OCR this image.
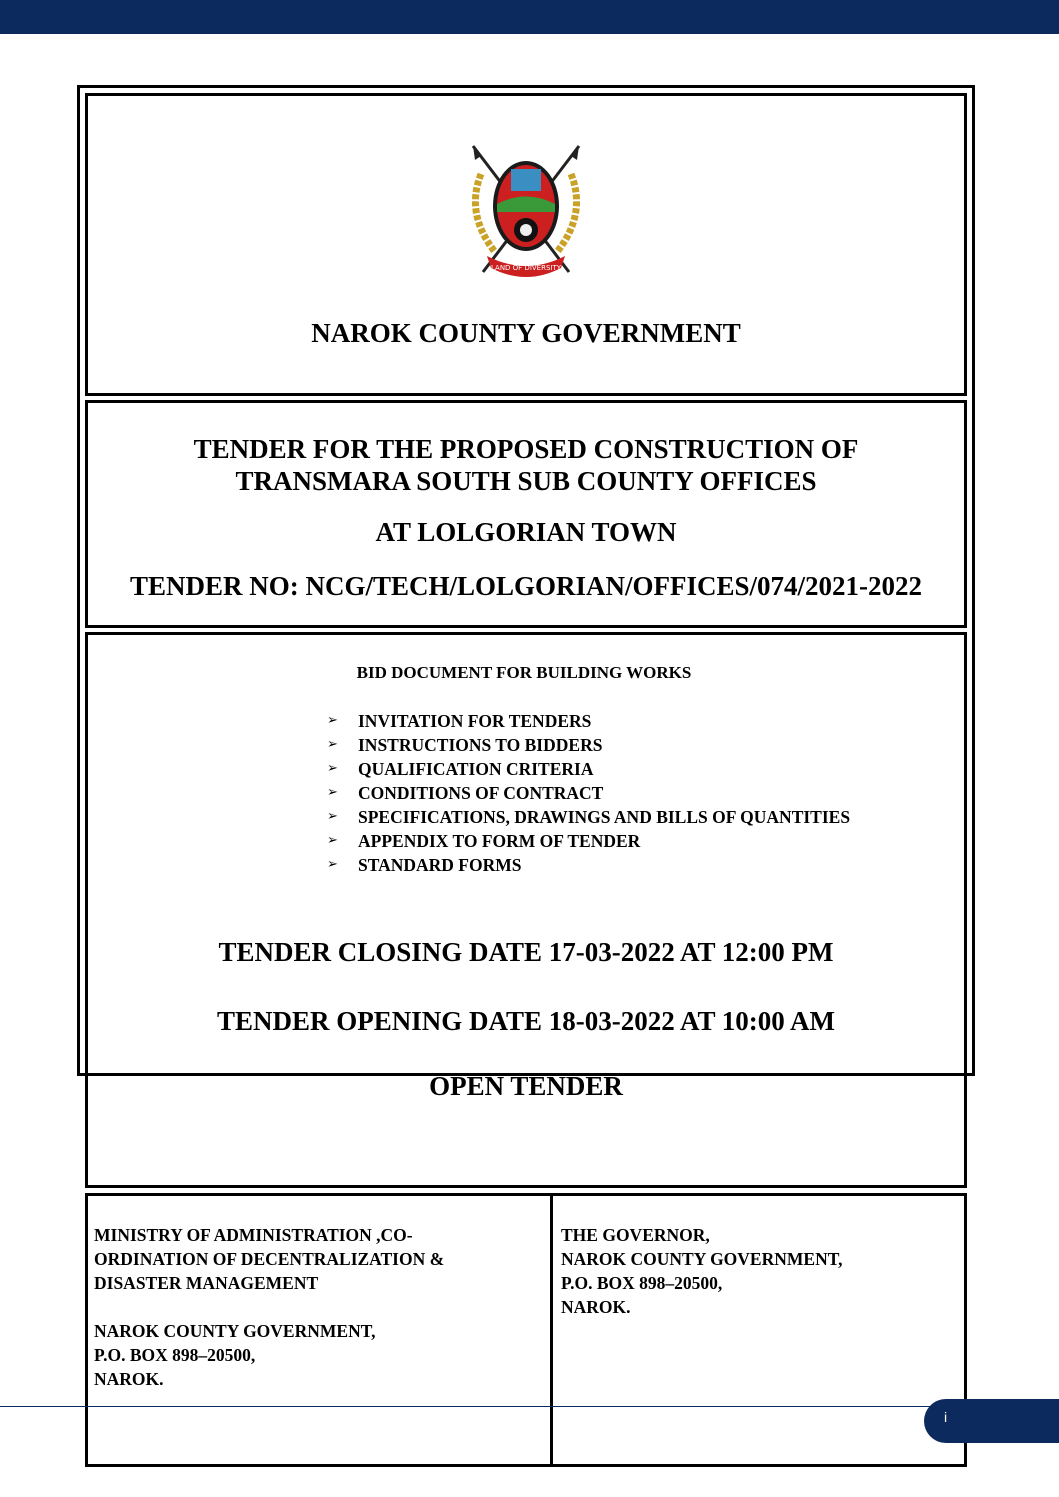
LAND OF DIVERSITY
NAROK COUNTY GOVERNMENT
TENDER FOR THE PROPOSED CONSTRUCTION OF
TRANSMARA SOUTH SUB COUNTY OFFICES
AT LOLGORIAN TOWN
TENDER NO: NCG/TECH/LOLGORIAN/OFFICES/074/2021-2022
BID DOCUMENT FOR BUILDING WORKS
➢ INVITATION FOR TENDERS
➢ INSTRUCTIONS TO BIDDERS
➢ QUALIFICATION CRITERIA
➢ CONDITIONS OF CONTRACT
➢ SPECIFICATIONS, DRAWINGS AND BILLS OF QUANTITIES
➢ APPENDIX TO FORM OF TENDER
➢ STANDARD FORMS
TENDER CLOSING DATE 17-03-2022 AT 12:00 PM
TENDER OPENING DATE 18-03-2022 AT 10:00 AM
OPEN TENDER
MINISTRY OF ADMINISTRATION ,CO-
ORDINATION OF DECENTRALIZATION &
DISASTER MANAGEMENT
NAROK COUNTY GOVERNMENT,
P.O. BOX 898–20500,
NAROK.
THE GOVERNOR,
NAROK COUNTY GOVERNMENT,
P.O. BOX 898–20500,
NAROK.
i
